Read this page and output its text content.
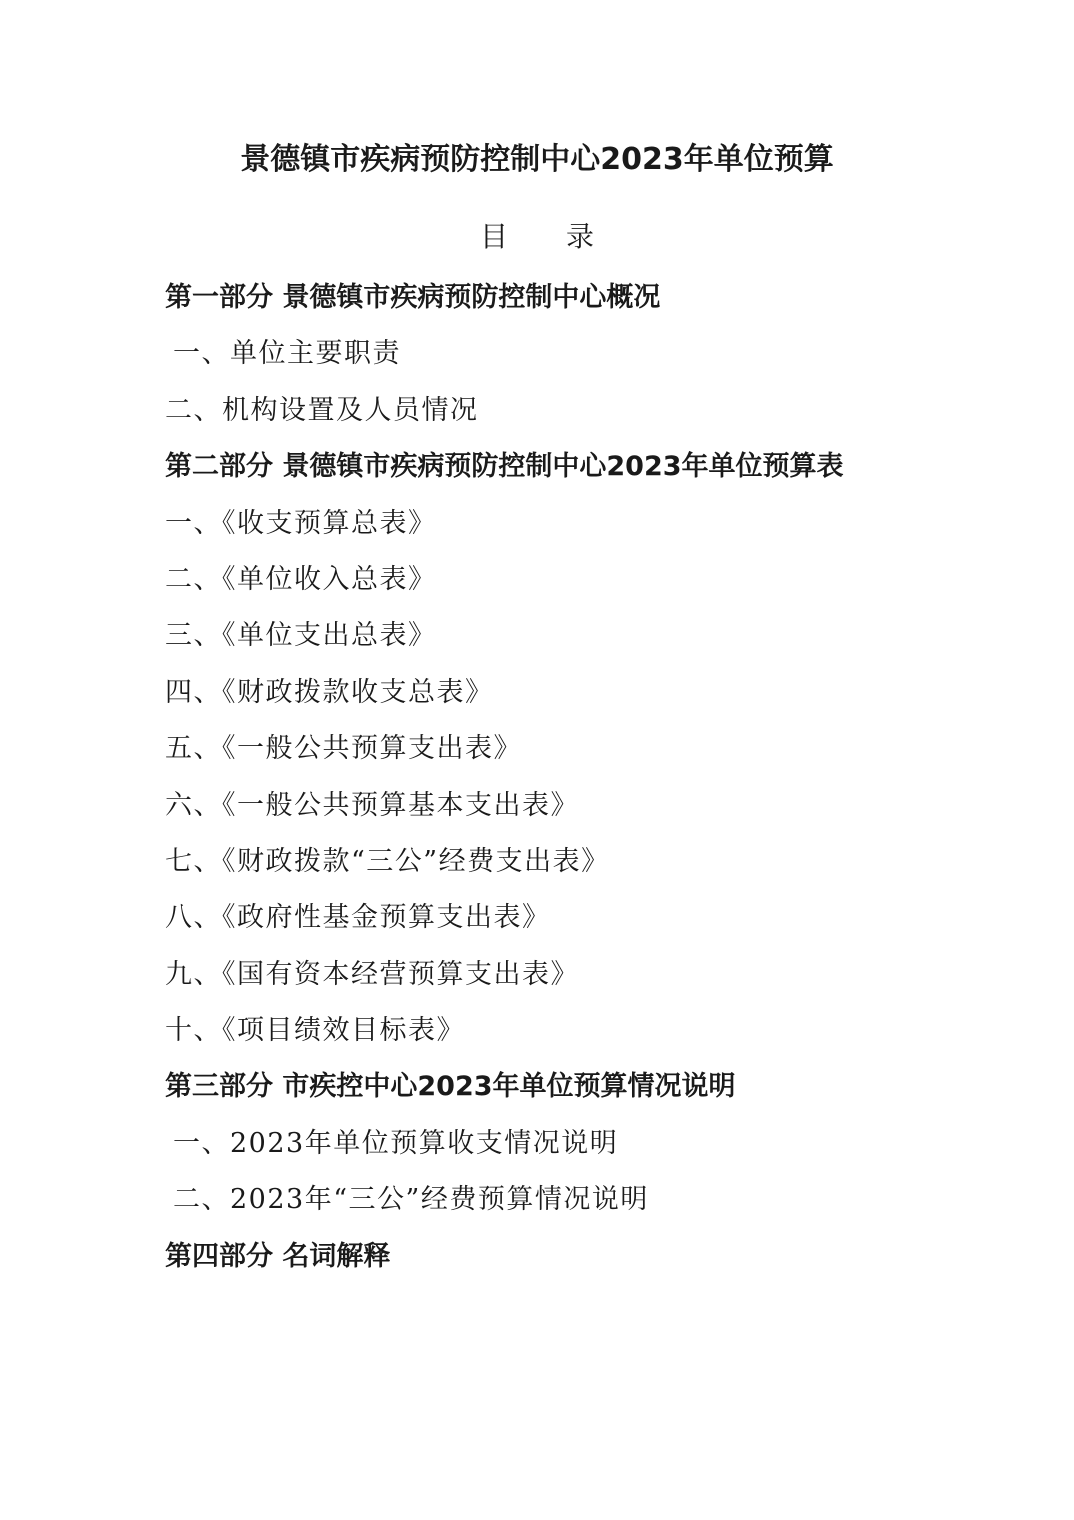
景德镇市疾病预防控制中心2023年单位预算
目录
第一部分 景德镇市疾病预防控制中心概况
一、单位主要职责
二、机构设置及人员情况
第二部分 景德镇市疾病预防控制中心2023年单位预算表
一、《收支预算总表》
二、《单位收入总表》
三、《单位支出总表》
四、《财政拨款收支总表》
五、《一般公共预算支出表》
六、《一般公共预算基本支出表》
七、《财政拨款“三公”经费支出表》
八、《政府性基金预算支出表》
九、《国有资本经营预算支出表》
十、《项目绩效目标表》
第三部分 市疾控中心2023年单位预算情况说明
一、2023年单位预算收支情况说明
二、2023年“三公”经费预算情况说明
第四部分 名词解释
